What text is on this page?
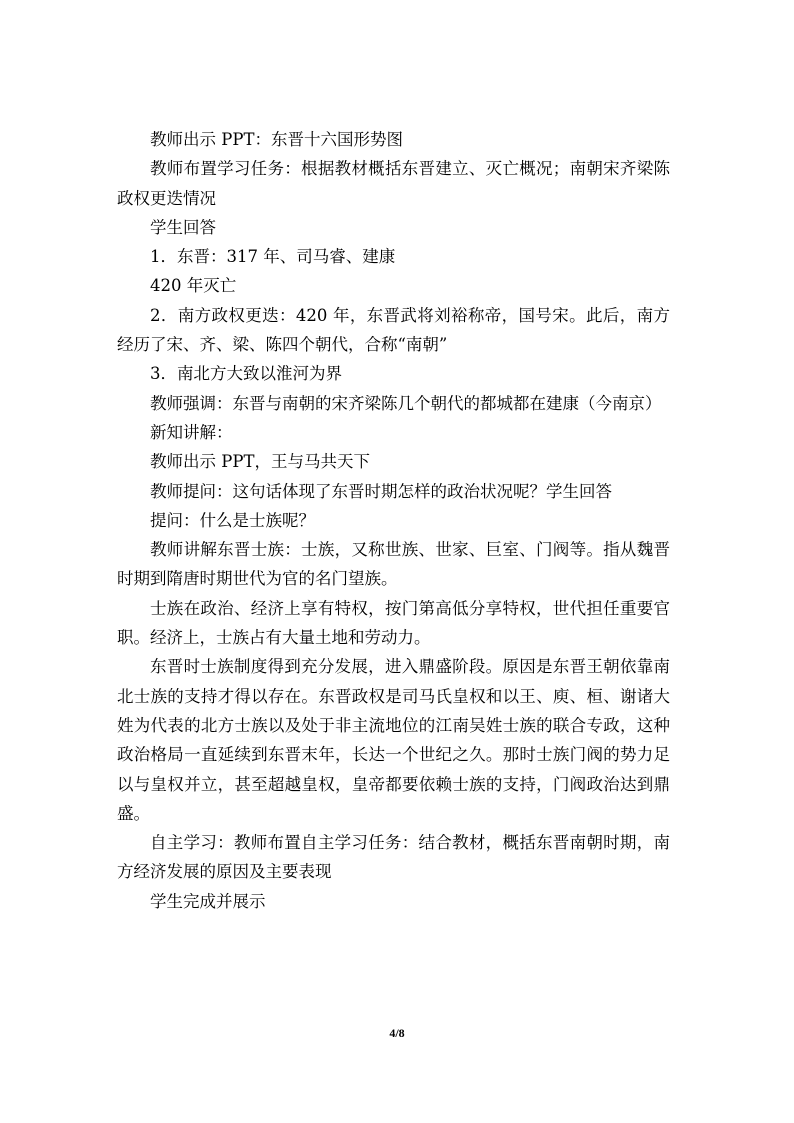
教师出示 PPT：东晋十六国形势图

教师布置学习任务：根据教材概括东晋建立、灭亡概况；南朝宋齐梁陈政权更迭情况

学生回答

1．东晋：317 年、司马睿、建康

420 年灭亡

2．南方政权更迭：420 年，东晋武将刘裕称帝，国号宋。此后，南方经历了宋、齐、梁、陈四个朝代，合称“南朝”

3．南北方大致以淮河为界

教师强调：东晋与南朝的宋齐梁陈几个朝代的都城都在建康（今南京）

新知讲解：

教师出示 PPT，王与马共天下

教师提问：这句话体现了东晋时期怎样的政治状况呢？学生回答

提问：什么是士族呢？

教师讲解东晋士族：士族，又称世族、世家、巨室、门阀等。指从魏晋时期到隋唐时期世代为官的名门望族。

士族在政治、经济上享有特权，按门第高低分享特权，世代担任重要官职。经济上，士族占有大量土地和劳动力。

东晋时士族制度得到充分发展，进入鼎盛阶段。原因是东晋王朝依靠南北士族的支持才得以存在。东晋政权是司马氏皇权和以王、庾、桓、谢诸大姓为代表的北方士族以及处于非主流地位的江南吴姓士族的联合专政，这种政治格局一直延续到东晋末年，长达一个世纪之久。那时士族门阀的势力足以与皇权并立，甚至超越皇权，皇帝都要依赖士族的支持，门阀政治达到鼎盛。

自主学习：教师布置自主学习任务：结合教材，概括东晋南朝时期，南方经济发展的原因及主要表现

学生完成并展示

4/8
